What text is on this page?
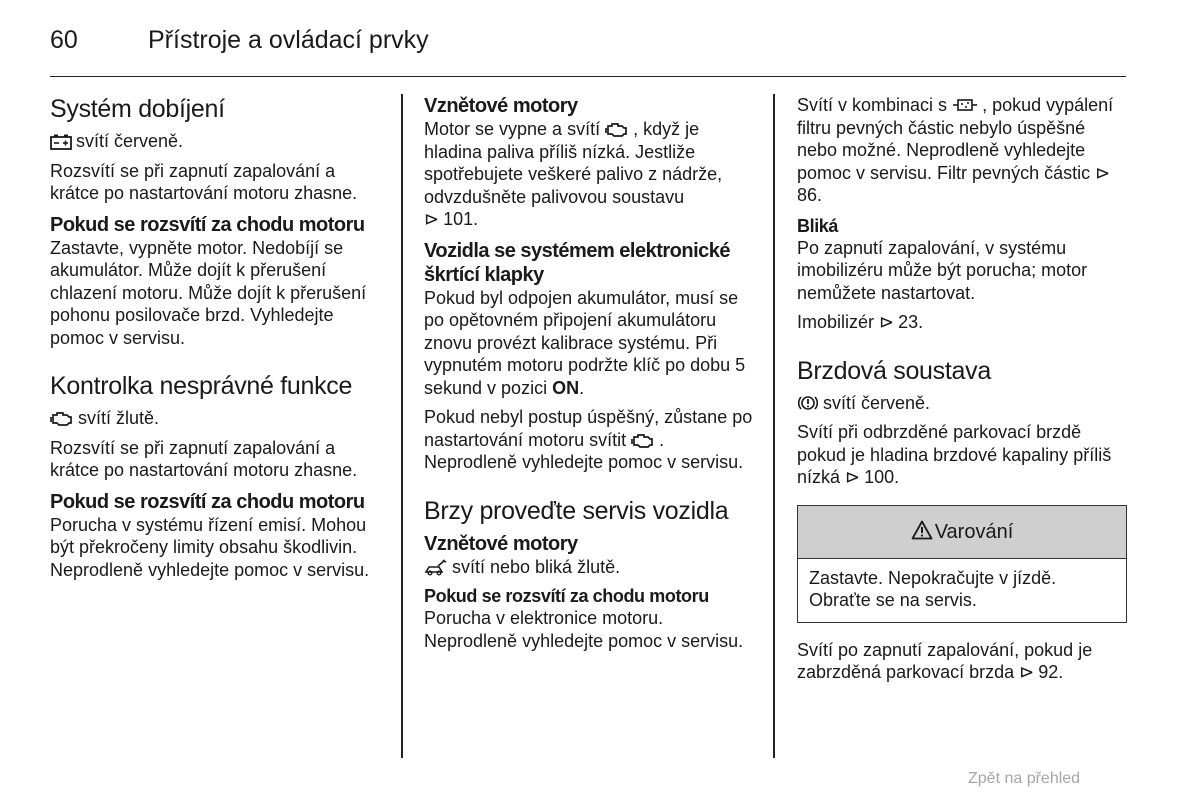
60	Přístroje a ovládací prvky
Systém dobíjení

svítí červeně.

Rozsvítí se při zapnutí zapalování a krátce po nastartování motoru zhasne.

Pokud se rozsvítí za chodu motoru

Zastavte, vypněte motor. Nedobíjí se akumulátor. Může dojít k přerušení chlazení motoru. Může dojít k přerušení pohonu posilovače brzd. Vyhledejte pomoc v servisu.

Kontrolka nesprávné funkce

svítí žlutě.

Rozsvítí se při zapnutí zapalování a krátce po nastartování motoru zhasne.

Pokud se rozsvítí za chodu motoru

Porucha v systému řízení emisí. Mohou být překročeny limity obsahu škodlivin. Neprodleně vyhledejte pomoc v servisu.

Vznětové motory

Motor se vypne a svítí , když je hladina paliva příliš nízká. Jestliže spotřebujete veškeré palivo z nádrže, odvzdušněte palivovou soustavu
⊳ 101.

Vozidla se systémem elektronické škrtící klapky

Pokud byl odpojen akumulátor, musí se po opětovném připojení akumulátoru znovu provézt kalibrace systému. Při vypnutém motoru podržte klíč po dobu 5 sekund v pozici ON.

Pokud nebyl postup úspěšný, zůstane po nastartování motoru svítit . Neprodleně vyhledejte pomoc v servisu.

Brzy proveďte servis vozidla
Vznětové motory

svítí nebo bliká žlutě.

Pokud se rozsvítí za chodu motoru

Porucha v elektronice motoru. Neprodleně vyhledejte pomoc v servisu.

Svítí v kombinaci s , pokud vypálení filtru pevných částic nebylo úspěšné nebo možné. Neprodleně vyhledejte pomoc v servisu. Filtr pevných částic ⊳86.

Bliká

Po zapnutí zapalování, v systému imobilizéru může být porucha; motor nemůžete nastartovat.

Imobilizér ⊳ 23.

Brzdová soustava

svítí červeně.

Svítí při odbrzděné parkovací brzdě pokud je hladina brzdové kapaliny příliš nízká ⊳ 100.

Varování

Zastavte. Nepokračujte v jízdě. Obraťte se na servis.

Svítí po zapnutí zapalování, pokud je zabrzděná parkovací brzda ⊳ 92.

Zpět na přehled
